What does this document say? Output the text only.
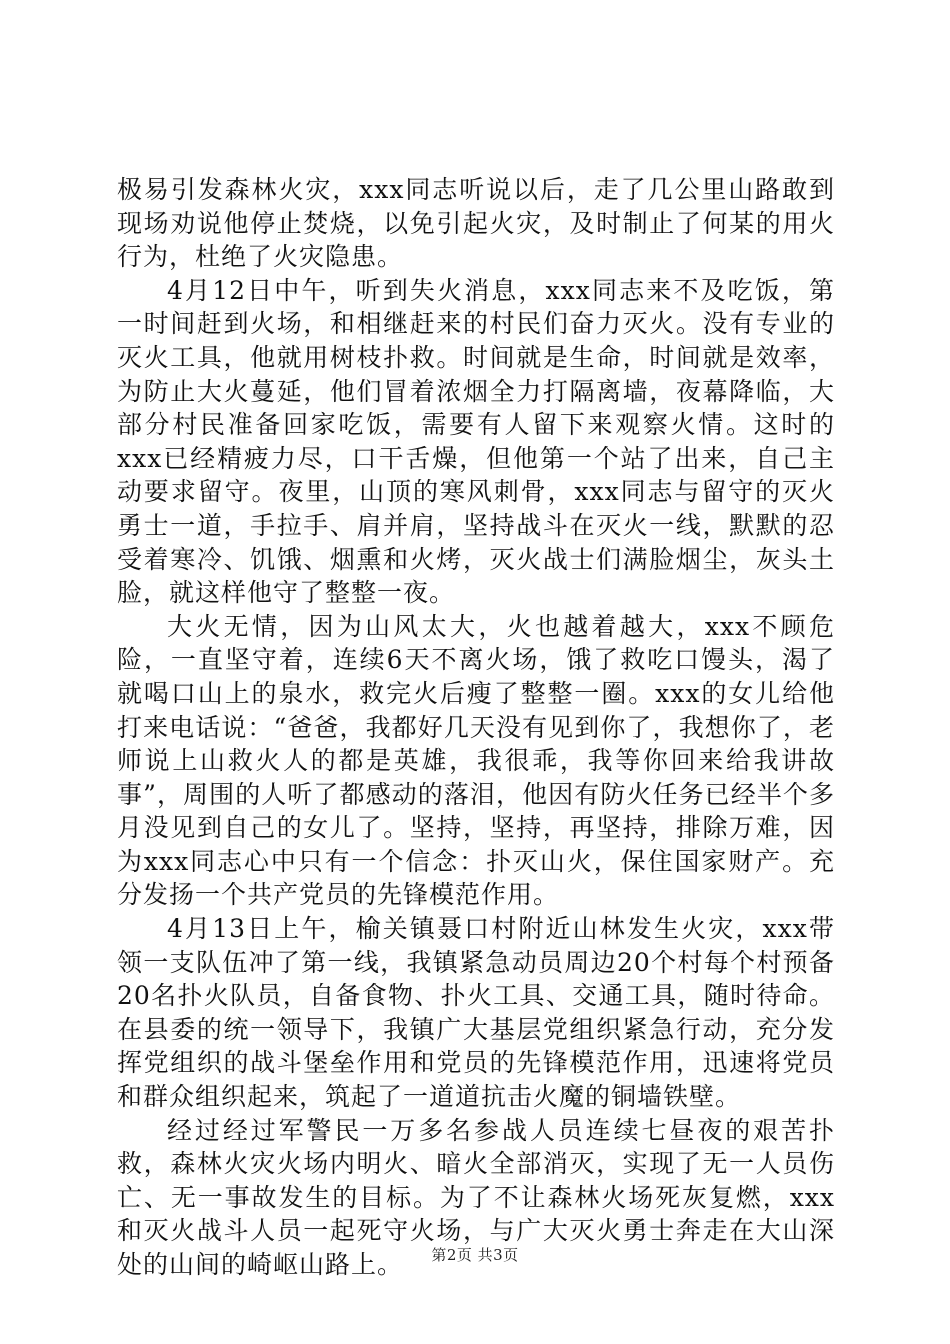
极易引发森林火灾，xxx同志听说以后，走了几公里山路敢到现场劝说他停止焚烧，以免引起火灾，及时制止了何某的用火行为，杜绝了火灾隐患。

4月12日中午，听到失火消息，xxx同志来不及吃饭，第一时间赶到火场，和相继赶来的村民们奋力灭火。没有专业的灭火工具，他就用树枝扑救。时间就是生命，时间就是效率，为防止大火蔓延，他们冒着浓烟全力打隔离墙，夜幕降临，大部分村民准备回家吃饭，需要有人留下来观察火情。这时的xxx已经精疲力尽，口干舌燥，但他第一个站了出来，自己主动要求留守。夜里，山顶的寒风刺骨，xxx同志与留守的灭火勇士一道，手拉手、肩并肩，坚持战斗在灭火一线，默默的忍受着寒冷、饥饿、烟熏和火烤，灭火战士们满脸烟尘，灰头土脸，就这样他守了整整一夜。

大火无情，因为山风太大，火也越着越大，xxx不顾危险，一直坚守着，连续6天不离火场，饿了救吃口馒头，渴了就喝口山上的泉水，救完火后瘦了整整一圈。xxx的女儿给他打来电话说：“爸爸，我都好几天没有见到你了，我想你了，老师说上山救火人的都是英雄，我很乖，我等你回来给我讲故事”，周围的人听了都感动的落泪，他因有防火任务已经半个多月没见到自己的女儿了。坚持，坚持，再坚持，排除万难，因为xxx同志心中只有一个信念：扑灭山火，保住国家财产。充分发扬一个共产党员的先锋模范作用。

4月13日上午，榆关镇聂口村附近山林发生火灾，xxx带领一支队伍冲了第一线，我镇紧急动员周边20个村每个村预备20名扑火队员，自备食物、扑火工具、交通工具，随时待命。在县委的统一领导下，我镇广大基层党组织紧急行动，充分发挥党组织的战斗堡垒作用和党员的先锋模范作用，迅速将党员和群众组织起来，筑起了一道道抗击火魔的铜墙铁壁。

经过经过军警民一万多名参战人员连续七昼夜的艰苦扑救，森林火灾火场内明火、暗火全部消灭，实现了无一人员伤亡、无一事故发生的目标。为了不让森林火场死灰复燃，xxx和灭火战斗人员一起死守火场，与广大灭火勇士奔走在大山深处的山间的崎岖山路上。	第2页 共3页
